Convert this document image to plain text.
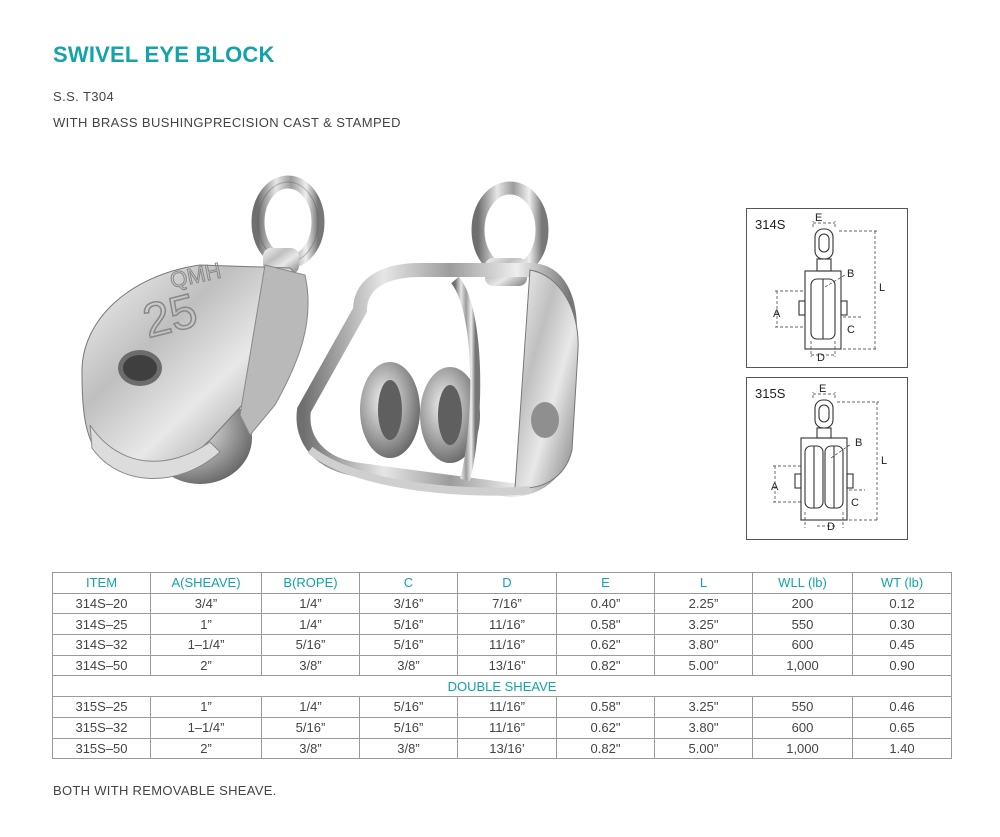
SWIVEL EYE BLOCK
S.S. T304
WITH BRASS BUSHINGPRECISION CAST & STAMPED
QMH
25
314S	E
B
L
A
C
D
315S	E
B
L
A
C
D
ITEM	A(SHEAVE)	B(ROPE)	C	D	E	L	WLL (lb)	WT (lb)
314S–20	3/4”	1/4”	3/16”	7/16”	0.40”	2.25”	200	0.12
314S–25	1”	1/4”	5/16”	11/16”	0.58"	3.25"	550	0.30
314S–32	1–1/4”	5/16”	5/16”	11/16”	0.62"	3.80"	600	0.45
314S–50	2”	3/8”	3/8”	13/16”	0.82"	5.00"	1,000	0.90
DOUBLE SHEAVE								
315S–25	1”	1/4”	5/16”	11/16”	0.58"	3.25"	550	0.46
315S–32	1–1/4”	5/16”	5/16”	11/16”	0.62"	3.80"	600	0.65
315S–50	2”	3/8”	3/8”	13/16’	0.82"	5.00"	1,000	1.40
BOTH WITH REMOVABLE SHEAVE.
